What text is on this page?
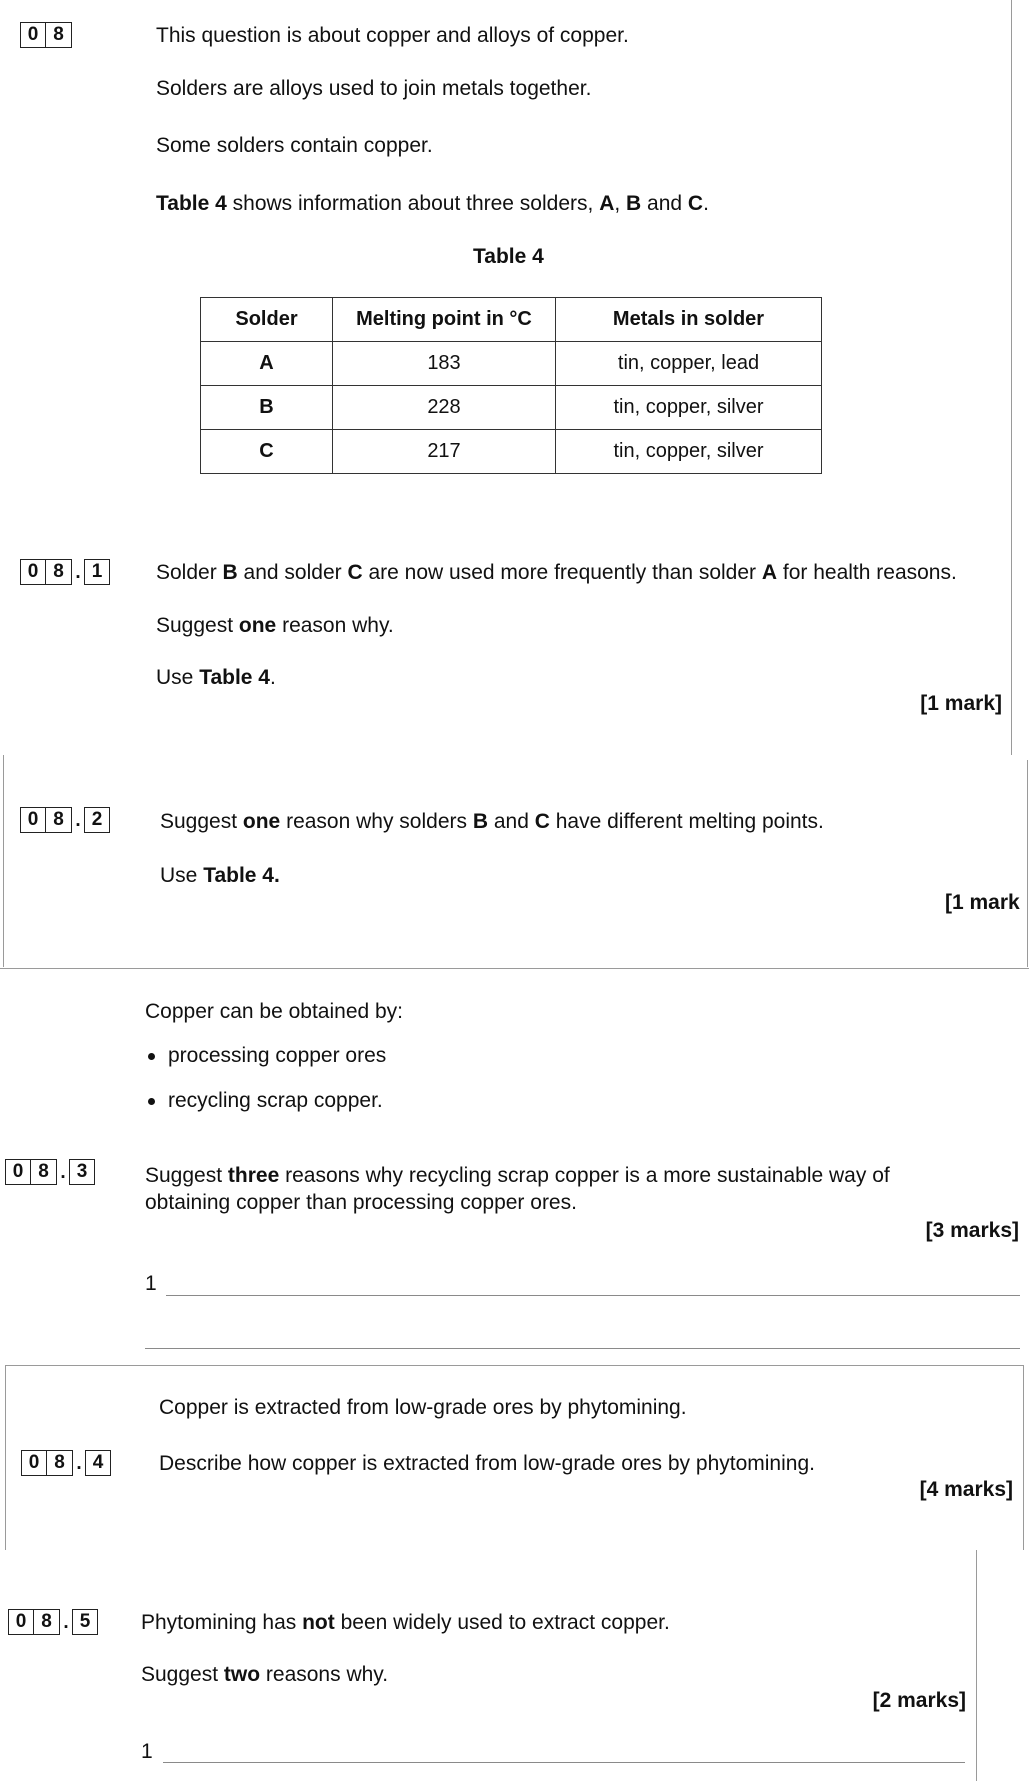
0 8	This question is about copper and alloys of copper.
Solders are alloys used to join metals together.
Some solders contain copper.
Table 4 shows information about three solders, A, B and C.
Table 4
Solder	Melting point in °C	Metals in solder
A	183	tin, copper, lead
B	228	tin, copper, silver
C	217	tin, copper, silver
0 8 . 1	Solder B and solder C are now used more frequently than solder A for health reasons.
Suggest one reason why.
Use Table 4.
[1 mark]
0 8 . 2	Suggest one reason why solders B and C have different melting points.
Use Table 4.
[1 mark
Copper can be obtained by:
processing copper ores
recycling scrap copper.
0 8 . 3	Suggest three reasons why recycling scrap copper is a more sustainable way of
obtaining copper than processing copper ores.
[3 marks]
1
Copper is extracted from low-grade ores by phytomining.
0 8 . 4	Describe how copper is extracted from low-grade ores by phytomining.
[4 marks]
0 8 . 5	Phytomining has not been widely used to extract copper.
Suggest two reasons why.
[2 marks]
1
